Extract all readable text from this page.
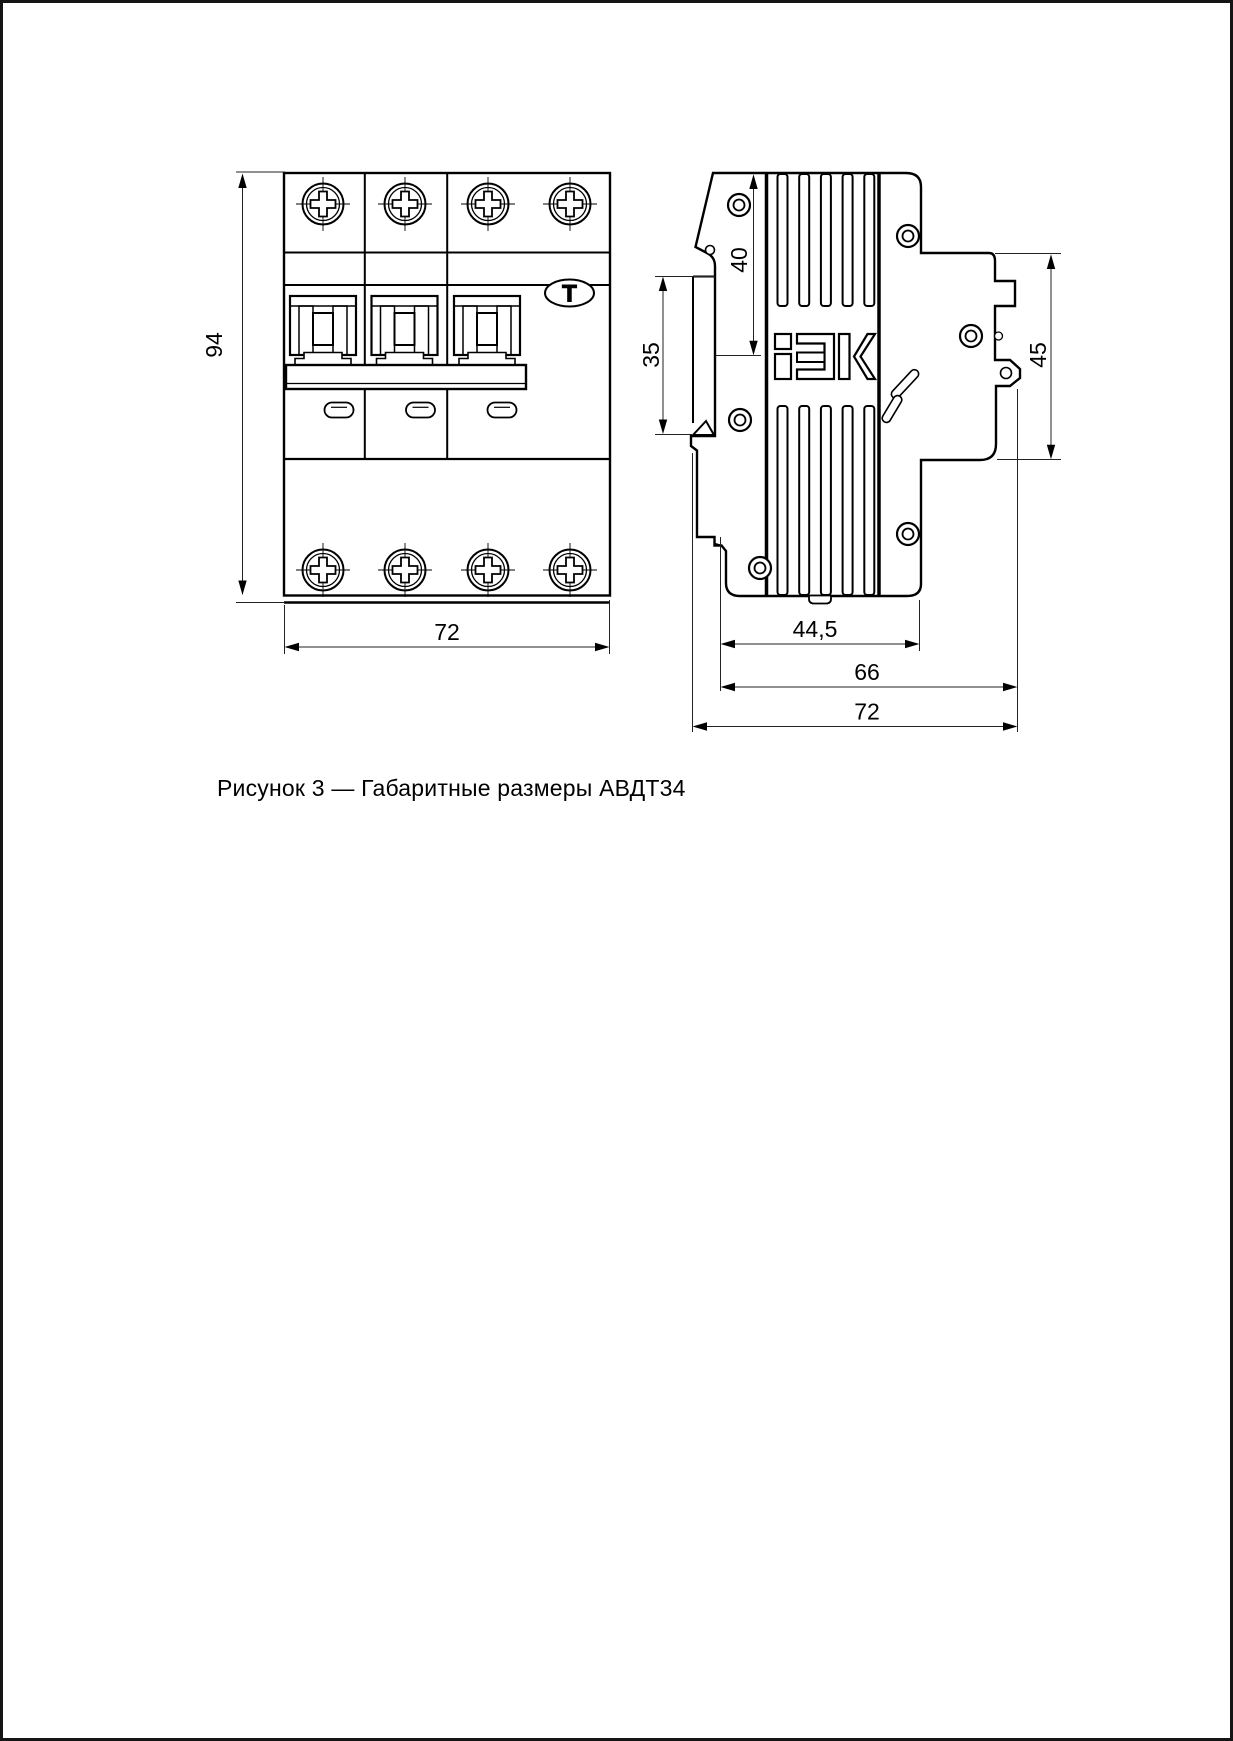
T
94
72
40
35	45
44,5
66
72
Рисунок 3 — Габаритные размеры АВДТ34
